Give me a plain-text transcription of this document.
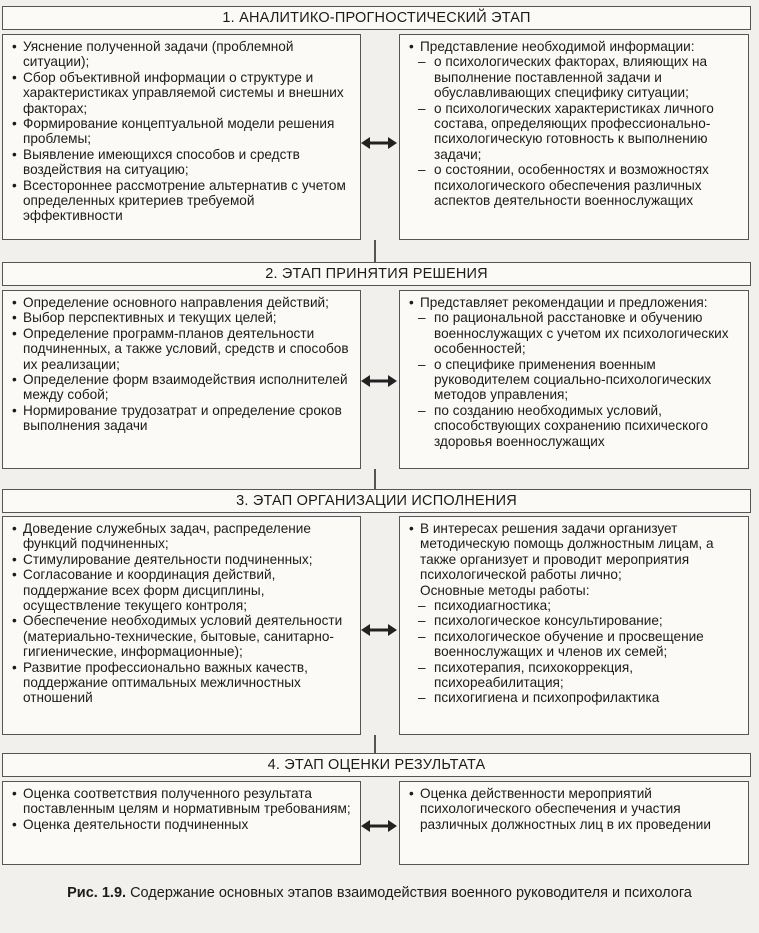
1. АНАЛИТИКО-ПРОГНОСТИЧЕСКИЙ ЭТАП
• Уяснение полученной задачи (проблемной ситуации);
• Сбор объективной информации о структуре и характеристиках управляемой системы и внешних факторах;
• Формирование концептуальной модели решения проблемы;
• Выявление имеющихся способов и средств воздействия на ситуацию;
• Всестороннее рассмотрение альтернатив с учетом определенных критериев требуемой эффективности
• Представление необходимой информации:
– о психологических факторах, влияющих на выполнение поставленной задачи и обуславливающих специфику ситуации;
– о психологических характеристиках личного состава, определяющих профессионально-психологическую готовность к выполнению задачи;
– о состоянии, особенностях и возможностях психологического обеспечения различных аспектов деятельности военнослужащих
2. ЭТАП ПРИНЯТИЯ РЕШЕНИЯ
• Определение основного направления действий;
• Выбор перспективных и текущих целей;
• Определение программ-планов деятельности подчиненных, а также условий, средств и способов их реализации;
• Определение форм взаимодействия исполнителей между собой;
• Нормирование трудозатрат и определение сроков выполнения задачи
• Представляет рекомендации и предложения:
– по рациональной расстановке и обучению военнослужащих с учетом их психологических особенностей;
– о специфике применения военным руководителем социально-психологических методов управления;
– по созданию необходимых условий, способствующих сохранению психического здоровья военнослужащих
3. ЭТАП ОРГАНИЗАЦИИ ИСПОЛНЕНИЯ
• Доведение служебных задач, распределение функций подчиненных;
• Стимулирование деятельности подчиненных;
• Согласование и координация действий, поддержание всех форм дисциплины, осуществление текущего контроля;
• Обеспечение необходимых условий деятельности (материально-технические, бытовые, санитарно-гигиенические, информационные);
• Развитие профессионально важных качеств, поддержание оптимальных межличностных отношений
• В интересах решения задачи организует методическую помощь должностным лицам, а также организует и проводит мероприятия психологической работы лично;
Основные методы работы:
– психодиагностика;
– психологическое консультирование;
– психологическое обучение и просвещение военнослужащих и членов их семей;
– психотерапия, психокоррекция, психореабилитация;
– психогигиена и психопрофилактика
4. ЭТАП ОЦЕНКИ РЕЗУЛЬТАТА
• Оценка соответствия полученного результата поставленным целям и нормативным требованиям;
• Оценка деятельности подчиненных
• Оценка действенности мероприятий психологического обеспечения и участия различных должностных лиц в их проведении
Рис. 1.9. Содержание основных этапов взаимодействия военного руководителя и психолога
